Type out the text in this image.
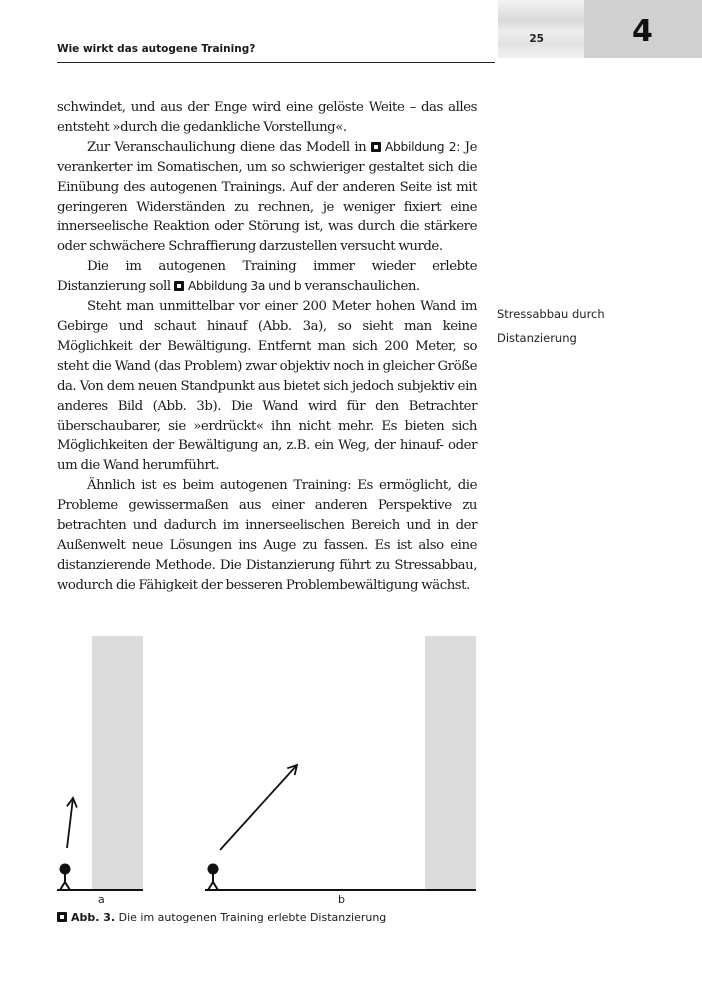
Wie wirkt das autogene Training?
25	4

schwindet, und aus der Enge wird eine gelöste Weite – das alles entsteht »durch die gedankliche Vorstellung«.

Zur Veranschaulichung diene das Modell in Abbildung 2: Je verankerter im Somatischen, um so schwieriger gestaltet sich die Einübung des autogenen Trainings. Auf der anderen Seite ist mit geringeren Widerständen zu rechnen, je weniger fixiert eine innerseelische Reaktion oder Störung ist, was durch die stärkere oder schwächere Schraffierung darzustellen versucht wurde.

Die im autogenen Training immer wieder erlebte Distanzierung soll Abbildung 3a und b veranschaulichen.

Steht man unmittelbar vor einer 200 Meter hohen Wand im Gebirge und schaut hinauf (Abb. 3a), so sieht man keine Möglichkeit der Bewältigung. Entfernt man sich 200 Meter, so steht die Wand (das Problem) zwar objektiv noch in gleicher Größe da. Von dem neuen Standpunkt aus bietet sich jedoch subjektiv ein anderes Bild (Abb. 3b). Die Wand wird für den Betrachter überschaubarer, sie »erdrückt« ihn nicht mehr. Es bieten sich Möglichkeiten der Bewältigung an, z.B. ein Weg, der hinauf- oder um die Wand herumführt.

Ähnlich ist es beim autogenen Training: Es ermöglicht, die Probleme gewissermaßen aus einer anderen Perspektive zu betrachten und dadurch im innerseelischen Bereich und in der Außenwelt neue Lösungen ins Auge zu fassen. Es ist also eine distanzierende Methode. Die Distanzierung führt zu Stressabbau, wodurch die Fähigkeit der besseren Problembewältigung wächst.

Stressabbau durch
Distanzierung
a	b
Abb. 3. Die im autogenen Training erlebte Distanzierung
